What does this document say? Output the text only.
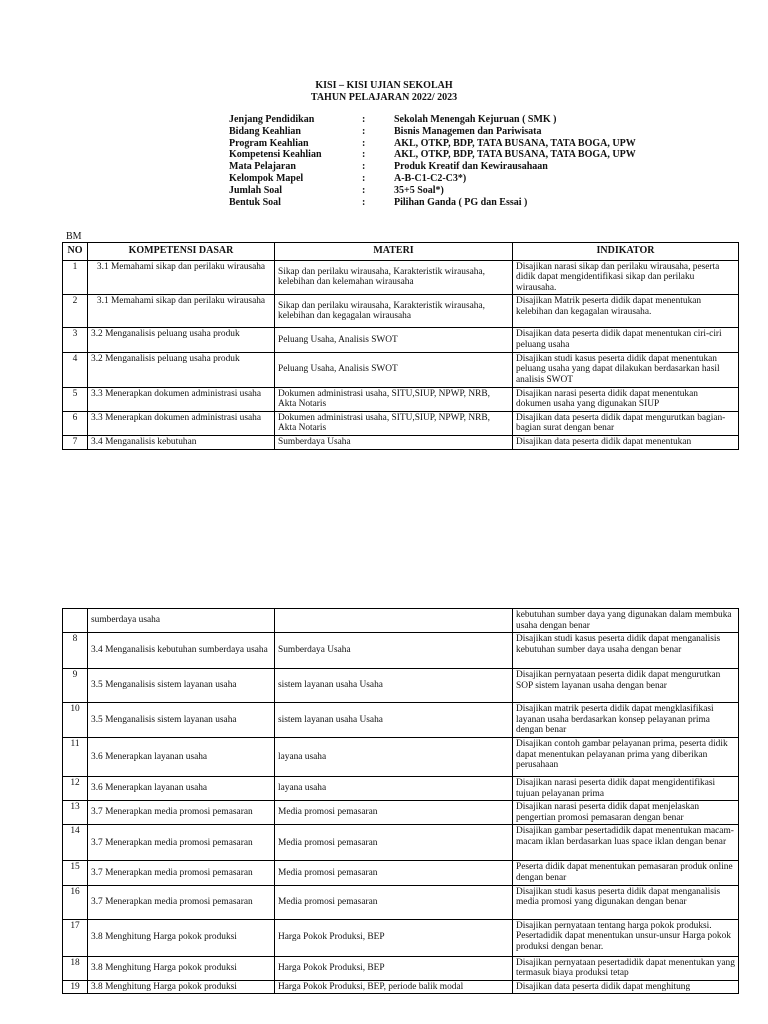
KISI – KISI UJIAN SEKOLAH
TAHUN PELAJARAN 2022/ 2023
Jenjang Pendidikan	:	Sekolah Menengah Kejuruan ( SMK )
Bidang Keahlian	:	Bisnis Managemen dan Pariwisata
Program Keahlian	:	AKL, OTKP, BDP, TATA BUSANA, TATA BOGA, UPW
Kompetensi Keahlian	:	AKL, OTKP, BDP, TATA BUSANA, TATA BOGA, UPW
Mata Pelajaran	:	Produk Kreatif dan Kewirausahaan
Kelompok Mapel	:	A-B-C1-C2-C3*)
Jumlah Soal	:	35+5 Soal*)
Bentuk Soal	:	Pilihan Ganda ( PG dan Essai )
BM
NO	KOMPETENSI DASAR	MATERI	INDIKATOR
1	3.1 Memahami sikap dan perilaku wirausaha	Sikap dan perilaku wirausaha, Karakteristik wirausaha, kelebihan dan kelemahan wirausaha	Disajikan narasi sikap dan perilaku wirausaha, peserta didik dapat mengidentifikasi sikap dan perilaku wirausaha.
2	3.1 Memahami sikap dan perilaku wirausaha	Sikap dan perilaku wirausaha, Karakteristik wirausaha, kelebihan dan kegagalan wirausaha	Disajikan Matrik peserta didik dapat menentukan kelebihan dan kegagalan wirausaha.
3	3.2 Menganalisis peluang usaha produk	Peluang Usaha, Analisis SWOT	Disajikan data peserta didik dapat menentukan ciri-ciri peluang usaha
4	3.2 Menganalisis peluang usaha produk	Peluang Usaha, Analisis SWOT	Disajikan studi kasus peserta didik dapat menentukan peluang usaha yang dapat dilakukan berdasarkan hasil analisis SWOT
5	3.3 Menerapkan dokumen administrasi usaha	Dokumen administrasi usaha, SITU,SIUP, NPWP, NRB, Akta Notaris	Disajikan narasi peserta didik dapat menentukan dokumen usaha yang digunakan SIUP
6	3.3 Menerapkan dokumen administrasi usaha	Dokumen administrasi usaha, SITU,SIUP, NPWP, NRB, Akta Notaris	Disajikan data peserta didik dapat mengurutkan bagian-bagian surat dengan benar
7	3.4 Menganalisis kebutuhan	Sumberdaya Usaha	Disajikan data peserta didik dapat menentukan
	sumberdaya usaha		kebutuhan sumber daya yang digunakan dalam membuka usaha dengan benar
8	3.4 Menganalisis kebutuhan sumberdaya usaha	Sumberdaya Usaha	Disajikan studi kasus peserta didik dapat menganalisis kebutuhan sumber daya usaha dengan benar
9	3.5 Menganalisis sistem layanan usaha	sistem layanan usaha Usaha	Disajikan pernyataan peserta didik dapat mengurutkan SOP sistem layanan usaha dengan benar
10	3.5 Menganalisis sistem layanan usaha	sistem layanan usaha Usaha	Disajikan matrik peserta didik dapat mengklasifikasi layanan usaha berdasarkan konsep pelayanan prima dengan benar
11	3.6 Menerapkan layanan usaha	layana usaha	Disajikan contoh gambar pelayanan prima, peserta didik dapat menentukan pelayanan prima yang diberikan perusahaan
12	3.6 Menerapkan layanan usaha	layana usaha	Disajikan narasi peserta didik dapat mengidentifikasi tujuan pelayanan prima
13	3.7 Menerapkan media promosi pemasaran	Media promosi pemasaran	Disajikan narasi peserta didik dapat menjelaskan pengertian promosi pemasaran dengan benar
14	3.7 Menerapkan media promosi pemasaran	Media promosi pemasaran	Disajikan gambar pesertadidik dapat menentukan macam-macam iklan berdasarkan luas space iklan dengan benar
15	3.7 Menerapkan media promosi pemasaran	Media promosi pemasaran	Peserta didik dapat menentukan pemasaran produk online dengan benar
16	3.7 Menerapkan media promosi pemasaran	Media promosi pemasaran	Disajikan studi kasus peserta didik dapat menganalisis media promosi yang digunakan dengan benar
17	3.8 Menghitung Harga pokok produksi	Harga Pokok Produksi, BEP	Disajikan pernyataan tentang harga pokok produksi. Pesertadidik dapat menentukan unsur-unsur Harga pokok produksi dengan benar.
18	3.8 Menghitung Harga pokok produksi	Harga Pokok Produksi, BEP	Disajikan pernyataan pesertadidik dapat menentukan yang termasuk biaya produksi tetap
19	3.8 Menghitung Harga pokok produksi	Harga Pokok Produksi, BEP, periode balik modal	Disajikan data peserta didik dapat menghitung
